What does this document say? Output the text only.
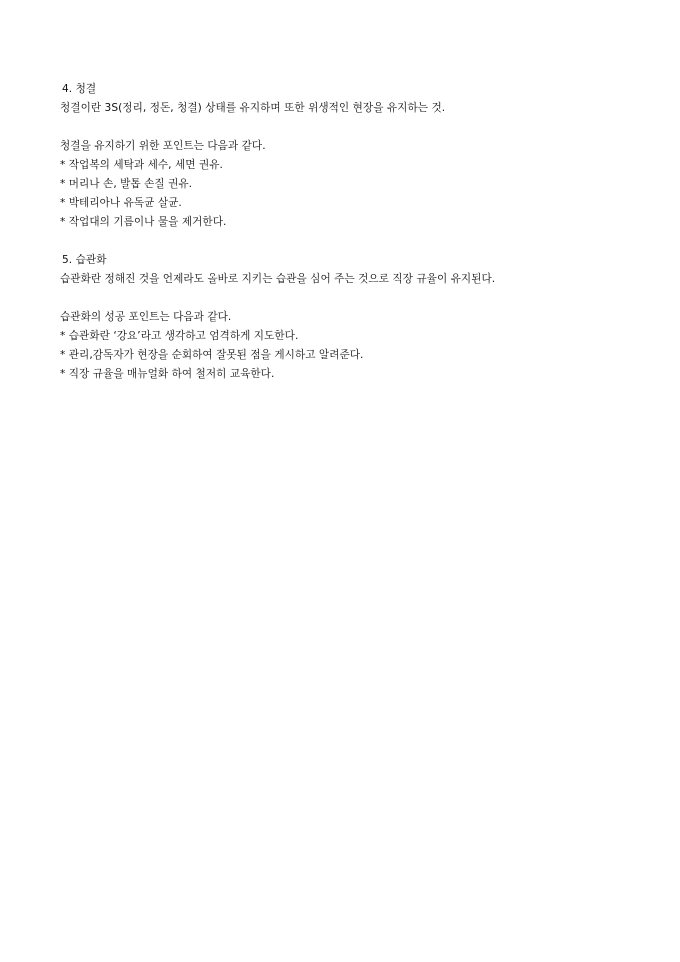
4. 청결
청결이란 3S(정리, 정돈, 청결) 상태를 유지하며 또한 위생적인 현장을 유지하는 것.
청결을 유지하기 위한 포인트는 다음과 같다.
* 작업복의 세탁과 세수, 세면 권유.
* 머리나 손, 발톱 손질 권유.
* 박테리아나 유독균 살균.
* 작업대의 기름이나 물을 제거한다.
5. 습관화
습관화란 정해진 것을 언제라도 올바로 지키는 습관을 심어 주는 것으로 직장 규율이 유지된다.
습관화의 성공 포인트는 다음과 같다.
* 습관화란 ‘강요’라고 생각하고 엄격하게 지도한다.
* 관리,감독자가 현장을 순회하여 잘못된 점을 게시하고 알려준다.
* 직장 규율을 매뉴얼화 하여 철저히 교육한다.
